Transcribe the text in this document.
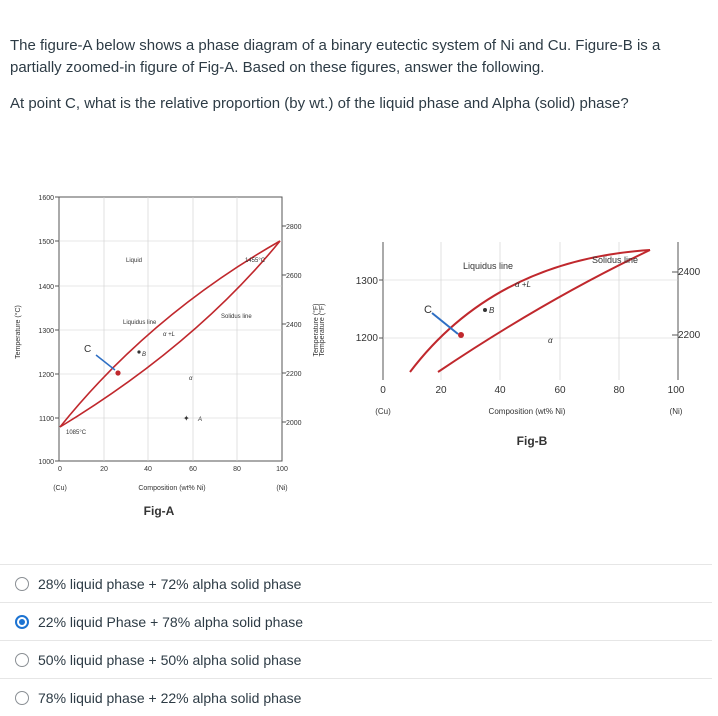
The figure-A below shows a phase diagram of a binary eutectic system of Ni and Cu. Figure-B is a partially zoomed-in figure of Fig-A. Based on these figures, answer the following.

At point C, what is the relative proportion (by wt.) of the liquid phase and Alpha (solid) phase?

1600
1500
1400
1300
1200
1100
1000
2800
2600
2400
2200
2000
0	20	40	60	80	100
(Cu)	(Ni)
Composition (wt% Ni)
Fig-A
Temperature (°C)	Temperature (°F)
C	B
Liquid	1455°C
Liquidus line
Solidus line
α +L
α
✦ A
1085°C
1300
1200
2400
2200
Temperature (°F)
0	20	40	60	80	100
(Cu)	(Ni)
Composition (wt% Ni)
Fig-B
C	B
Liquidus line
Solidus line
α +L
α
28% liquid phase + 72% alpha solid phase
22% liquid Phase + 78% alpha solid phase
50% liquid phase + 50% alpha solid phase
78% liquid phase + 22% alpha solid phase
